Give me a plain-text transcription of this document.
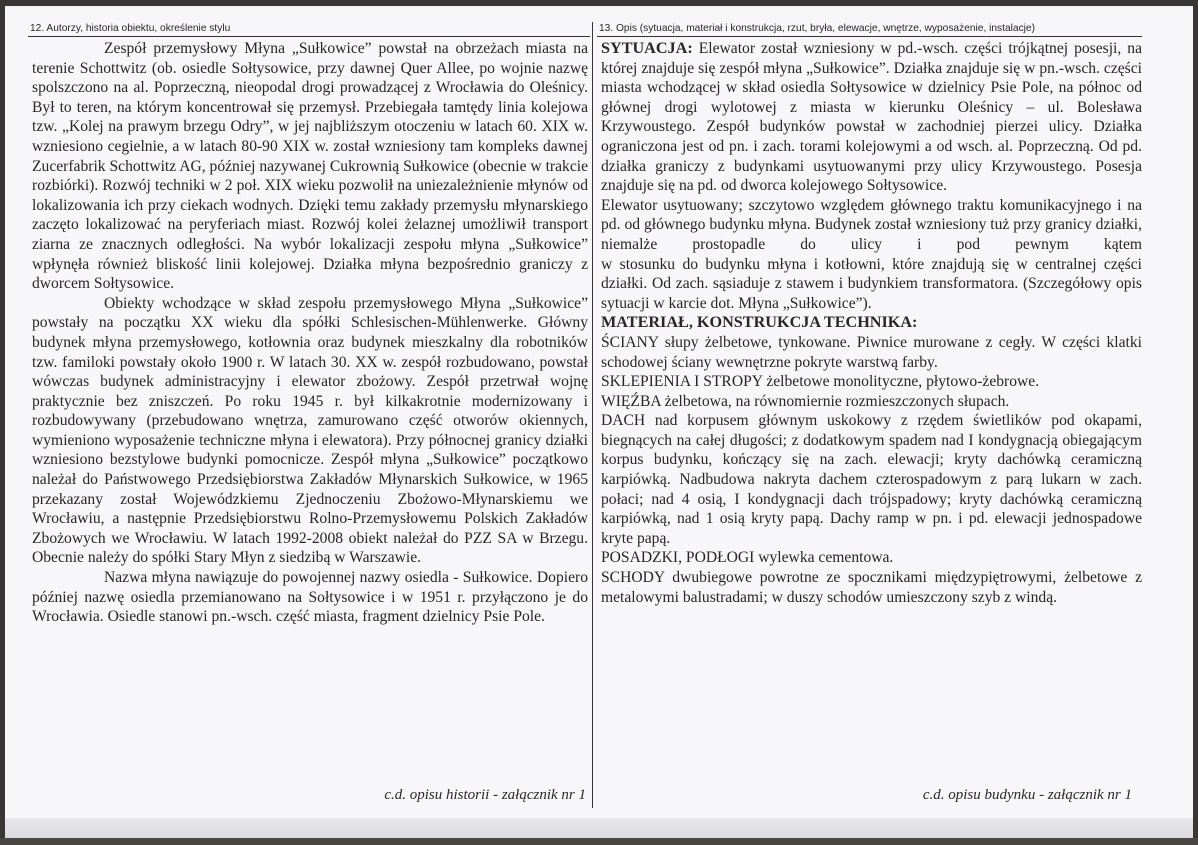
12. Autorzy, historia obiektu, określenie stylu

Zespół przemysłowy Młyna „Sułkowice” powstał na obrzeżach miasta na terenie Schottwitz (ob. osiedle Sołtysowice, przy dawnej Quer Allee, po wojnie nazwę spolszczono na al. Poprzeczną, nieopodal drogi prowadzącej z Wrocławia do Oleśnicy. Był to teren, na którym koncentrował się przemysł. Przebiegała tamtędy linia kolejowa tzw. „Kolej na prawym brzegu Odry”, w jej najbliższym otoczeniu w latach 60. XIX w. wzniesiono cegielnie, a w latach 80-90 XIX w. został wzniesiony tam kompleks dawnej Zucerfabrik Schottwitz AG, później nazywanej Cukrownią Sułkowice (obecnie w trakcie rozbiórki). Rozwój techniki w 2 poł. XIX wieku pozwolił na uniezależnienie młynów od lokalizowania ich przy ciekach wodnych. Dzięki temu zakłady przemysłu młynarskiego zaczęto lokalizować na peryferiach miast. Rozwój kolei żelaznej umożliwił transport ziarna ze znacznych odległości. Na wybór lokalizacji zespołu młyna „Sułkowice” wpłynęła również bliskość linii kolejowej. Działka młyna bezpośrednio graniczy z dworcem Sołtysowice.

Obiekty wchodzące w skład zespołu przemysłowego Młyna „Sułkowice” powstały na początku XX wieku dla spółki Schlesischen-Mühlenwerke. Główny budynek młyna przemysłowego, kotłownia oraz budynek mieszkalny dla robotników tzw. familoki powstały około 1900 r. W latach 30. XX w. zespół rozbudowano, powstał wówczas budynek administracyjny i elewator zbożowy. Zespół przetrwał wojnę praktycznie bez zniszczeń. Po roku 1945 r. był kilkakrotnie modernizowany i rozbudowywany (przebudowano wnętrza, zamurowano część otworów okiennych, wymieniono wyposażenie techniczne młyna i elewatora). Przy północnej granicy działki wzniesiono bezstylowe budynki pomocnicze. Zespół młyna „Sułkowice” początkowo należał do Państwowego Przedsiębiorstwa Zakładów Młynarskich Sułkowice, w 1965 przekazany został Wojewódzkiemu Zjednoczeniu Zbożowo-Młynarskiemu we Wrocławiu, a następnie Przedsiębiorstwu Rolno-Przemysłowemu Polskich Zakładów Zbożowych we Wrocławiu. W latach 1992-2008 obiekt należał do PZZ SA w Brzegu. Obecnie należy do spółki Stary Młyn z siedzibą w Warszawie.

Nazwa młyna nawiązuje do powojennej nazwy osiedla - Sułkowice. Dopiero później nazwę osiedla przemianowano na Sołtysowice i w 1951 r. przyłączono je do Wrocławia. Osiedle stanowi pn.-wsch. część miasta, fragment dzielnicy Psie Pole.

13. Opis (sytuacja, materiał i konstrukcja, rzut, bryła, elewacje, wnętrze, wyposażenie, instalacje)

SYTUACJA: Elewator został wzniesiony w pd.-wsch. części trójkątnej posesji, na której znajduje się zespół młyna „Sułkowice”. Działka znajduje się w pn.-wsch. części miasta wchodzącej w skład osiedla Sołtysowice w dzielnicy Psie Pole, na północ od głównej drogi wylotowej z miasta w kierunku Oleśnicy – ul. Bolesława Krzywoustego. Zespół budynków powstał w zachodniej pierzei ulicy. Działka ograniczona jest od pn. i zach. torami kolejowymi a od wsch. al. Poprzeczną. Od pd. działka graniczy z budynkami usytuowanymi przy ulicy Krzywoustego. Posesja znajduje się na pd. od dworca kolejowego Sołtysowice.

Elewator usytuowany; szczytowo względem głównego traktu komunikacyjnego i na pd. od głównego budynku młyna. Budynek został wzniesiony tuż przy granicy działki, niemalże prostopadle do ulicy i pod pewnym kątem

w stosunku do budynku młyna i kotłowni, które znajdują się w centralnej części działki. Od zach. sąsiaduje z stawem i budynkiem transformatora. (Szczegółowy opis sytuacji w karcie dot. Młyna „Sułkowice”).

MATERIAŁ, KONSTRUKCJA TECHNIKA:

ŚCIANY słupy żelbetowe, tynkowane. Piwnice murowane z cegły. W części klatki schodowej ściany wewnętrzne pokryte warstwą farby.

SKLEPIENIA I STROPY żelbetowe monolityczne, płytowo-żebrowe.

WIĘŹBA żelbetowa, na równomiernie rozmieszczonych słupach.

DACH nad korpusem głównym uskokowy z rzędem świetlików pod okapami, biegnących na całej długości; z dodatkowym spadem nad I kondygnacją obiegającym korpus budynku, kończący się na zach. elewacji; kryty dachówką ceramiczną karpiówką. Nadbudowa nakryta dachem czterospadowym z parą lukarn w zach. połaci; nad 4 osią, I kondygnacji dach trójspadowy; kryty dachówką ceramiczną karpiówką, nad 1 osią kryty papą. Dachy ramp w pn. i pd. elewacji jednospadowe kryte papą.

POSADZKI, PODŁOGI wylewka cementowa.

SCHODY dwubiegowe powrotne ze spocznikami międzypiętrowymi, żelbetowe z metalowymi balustradami; w duszy schodów umieszczony szyb z windą.

c.d. opisu historii - załącznik nr 1	c.d. opisu budynku - załącznik nr 1
